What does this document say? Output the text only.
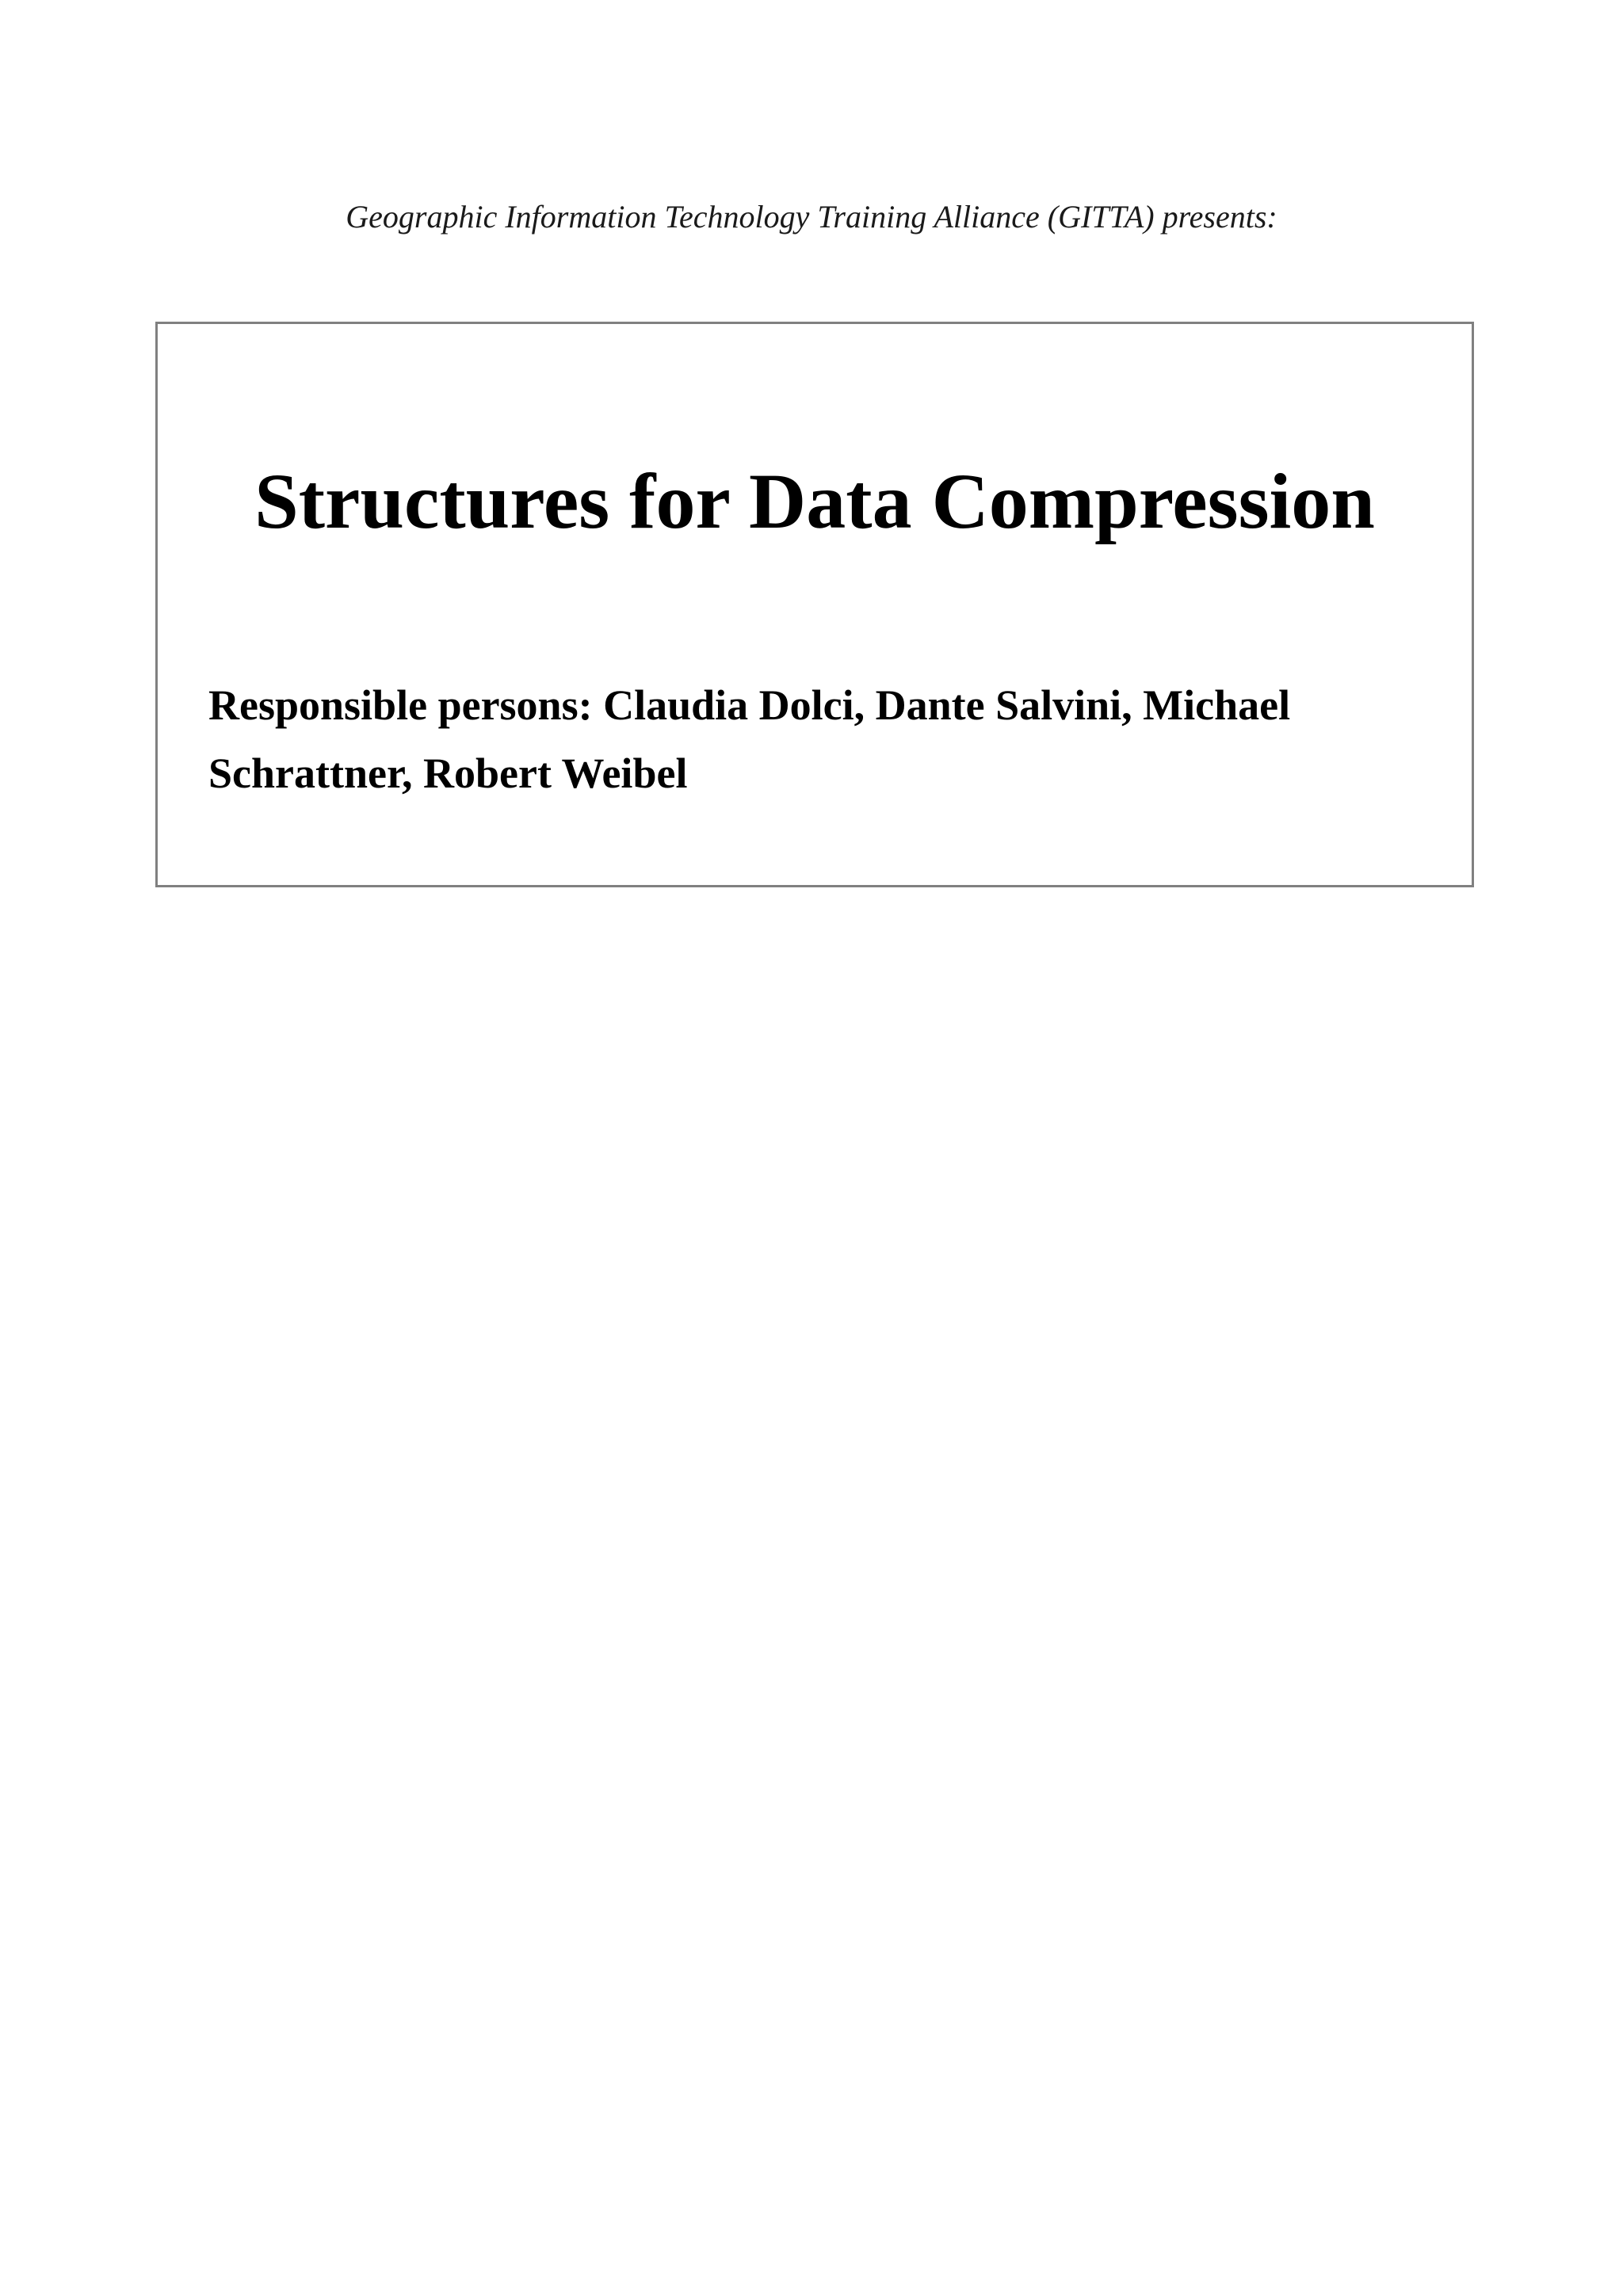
Geographic Information Technology Training Alliance (GITTA) presents:
Structures for Data Compression
Responsible persons: Claudia Dolci, Dante Salvini, Michael
Schrattner, Robert Weibel
